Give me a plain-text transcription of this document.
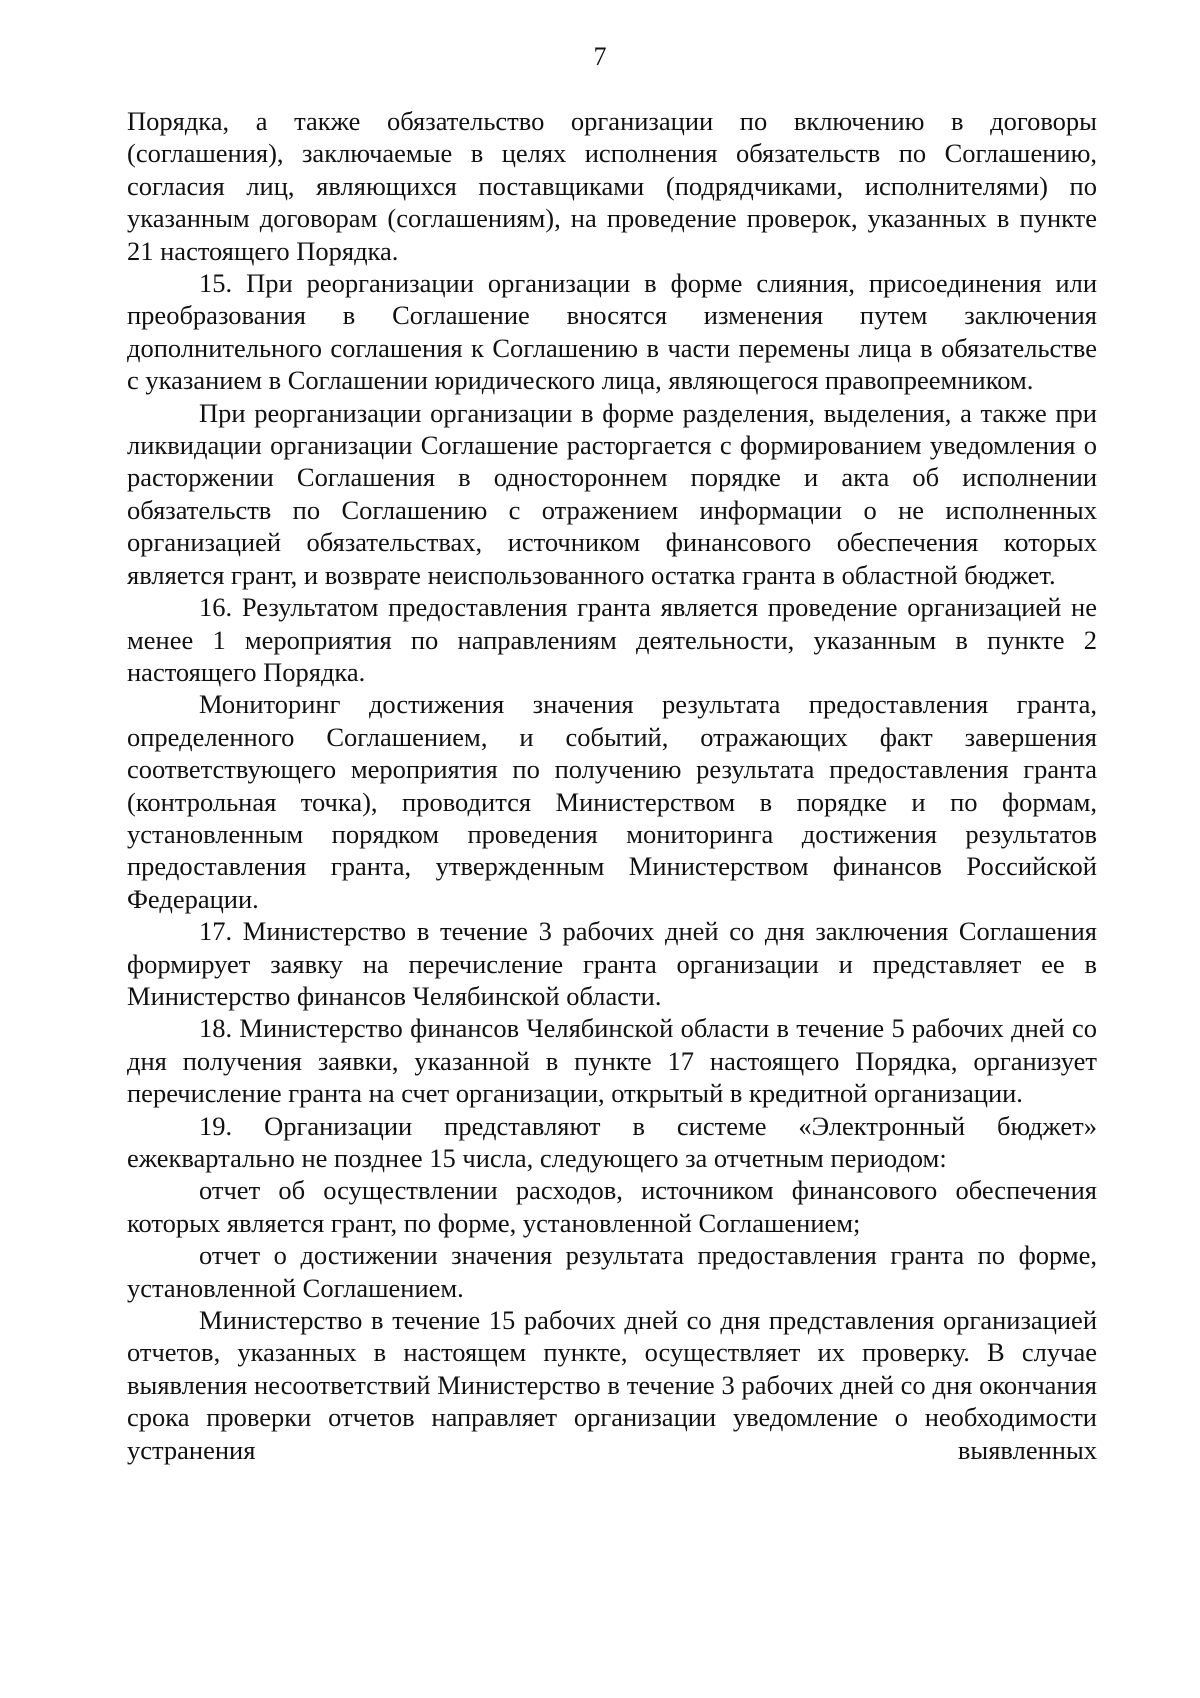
7

Порядка, а также обязательство организации по включению в договоры (соглашения), заключаемые в целях исполнения обязательств по Соглашению, согласия лиц, являющихся поставщиками (подрядчиками, исполнителями) по указанным договорам (соглашениям), на проведение проверок, указанных в пункте 21 настоящего Порядка.

15. При реорганизации организации в форме слияния, присоединения или преобразования в Соглашение вносятся изменения путем заключения дополнительного соглашения к Соглашению в части перемены лица в обязательстве с указанием в Соглашении юридического лица, являющегося правопреемником.

При реорганизации организации в форме разделения, выделения, а также при ликвидации организации Соглашение расторгается с формированием уведомления о расторжении Соглашения в одностороннем порядке и акта об исполнении обязательств по Соглашению с отражением информации о не исполненных организацией обязательствах, источником финансового обеспечения которых является грант, и возврате неиспользованного остатка гранта в областной бюджет.

16. Результатом предоставления гранта является проведение организацией не менее 1 мероприятия по направлениям деятельности, указанным в пункте 2 настоящего Порядка.

Мониторинг достижения значения результата предоставления гранта, определенного Соглашением, и событий, отражающих факт завершения соответствующего мероприятия по получению результата предоставления гранта (контрольная точка), проводится Министерством в порядке и по формам, установленным порядком проведения мониторинга достижения результатов предоставления гранта, утвержденным Министерством финансов Российской Федерации.

17. Министерство в течение 3 рабочих дней со дня заключения Соглашения формирует заявку на перечисление гранта организации и представляет ее в Министерство финансов Челябинской области.

18. Министерство финансов Челябинской области в течение 5 рабочих дней со дня получения заявки, указанной в пункте 17 настоящего Порядка, организует перечисление гранта на счет организации, открытый в кредитной организации.

19. Организации представляют в системе «Электронный бюджет» ежеквартально не позднее 15 числа, следующего за отчетным периодом:

отчет об осуществлении расходов, источником финансового обеспечения которых является грант, по форме, установленной Соглашением;

отчет о достижении значения результата предоставления гранта по форме, установленной Соглашением.

Министерство в течение 15 рабочих дней со дня представления организацией отчетов, указанных в настоящем пункте, осуществляет их проверку. В случае выявления несоответствий Министерство в течение 3 рабочих дней со дня окончания срока проверки отчетов направляет организации уведомление о необходимости устранения выявленных
